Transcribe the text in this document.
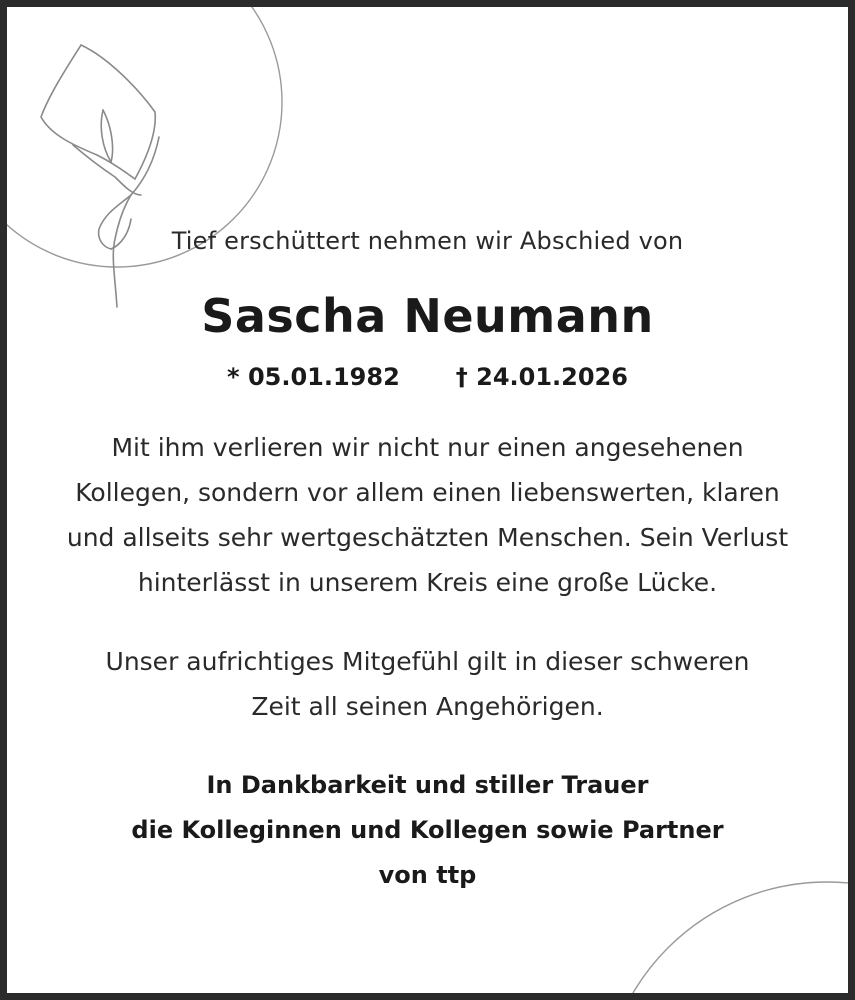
Tief erschüttert nehmen wir Abschied von
Sascha Neumann
* 05.01.1982 † 24.01.2026
Mit ihm verlieren wir nicht nur einen angesehenen
Kollegen, sondern vor allem einen liebenswerten, klaren
und allseits sehr wertgeschätzten Menschen. Sein Verlust
hinterlässt in unserem Kreis eine große Lücke.
Unser aufrichtiges Mitgefühl gilt in dieser schweren
Zeit all seinen Angehörigen.
In Dankbarkeit und stiller Trauer
die Kolleginnen und Kollegen sowie Partner
von ttp
